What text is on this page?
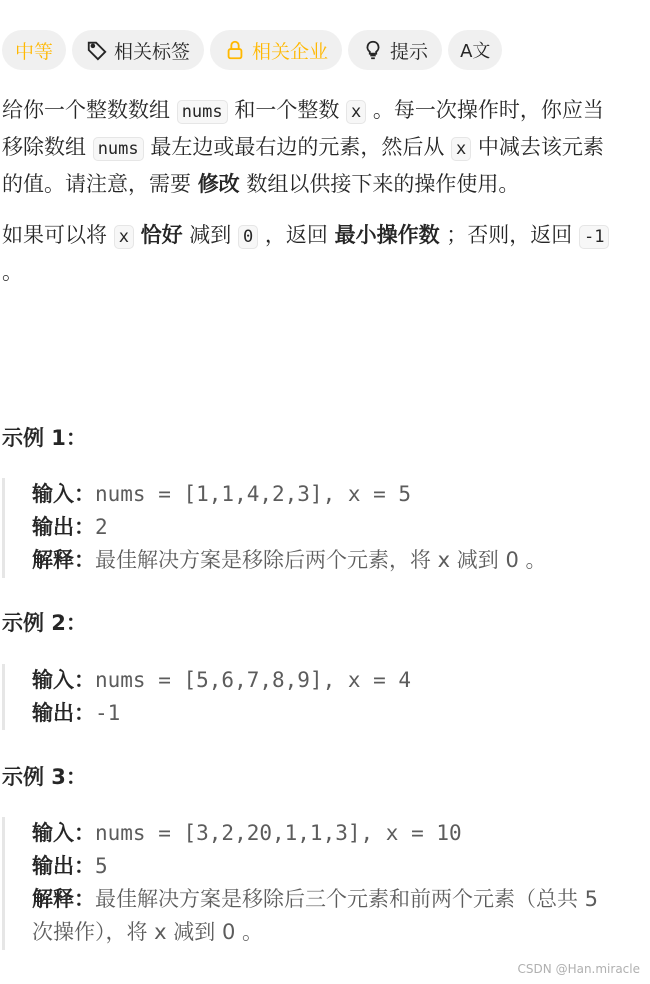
中等	相关标签	相关企业	提示 A文

给你一个整数数组 nums 和一个整数 x 。每一次操作时，你应当移除数组 nums 最左边或最右边的元素，然后从 x 中减去该元素的值。请注意，需要 修改 数组以供接下来的操作使用。

如果可以将 x 恰好 减到 0 ，返回 最小操作数 ；否则，返回 -1 。

示例 1：
输入：nums = [1,1,4,2,3], x = 5
输出：2
解释：最佳解决方案是移除后两个元素，将 x 减到 0 。
示例 2：
输入：nums = [5,6,7,8,9], x = 4
输出：-1
示例 3：
输入：nums = [3,2,20,1,1,3], x = 10
输出：5
解释：最佳解决方案是移除后三个元素和前两个元素（总共 5 次操作），将 x 减到 0 。
CSDN @Han.miracle
